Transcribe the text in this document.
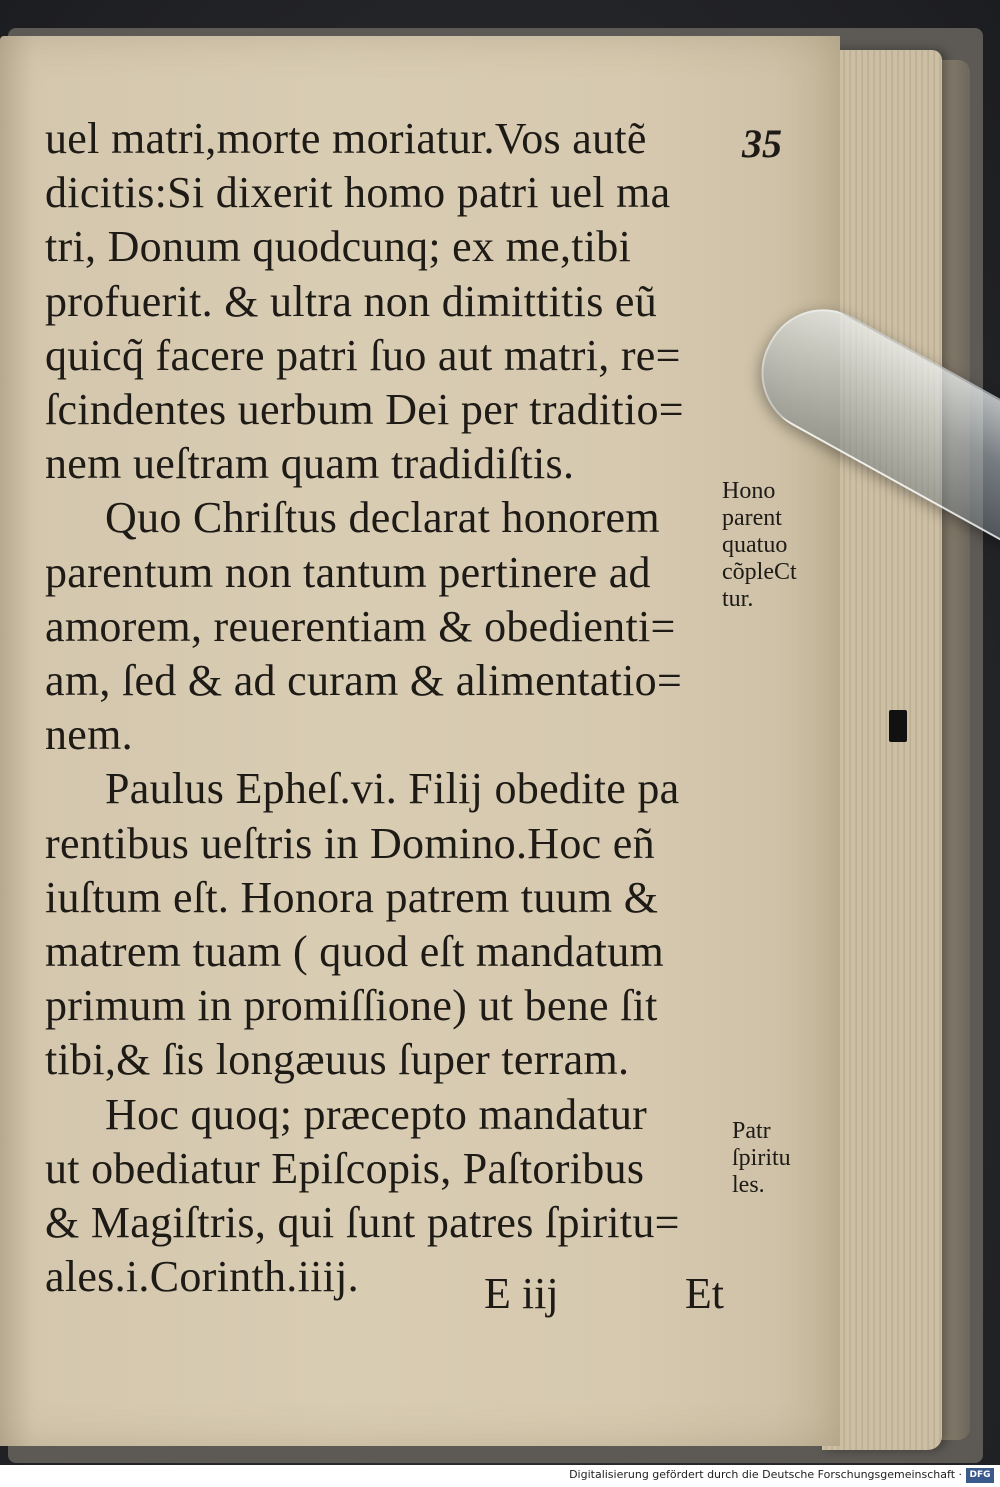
35
uel matri,morte moriatur.Vos autẽ
dicitis:Si dixerit homo patri uel ma
tri, Donum quodcunq; ex me,tibi
profuerit. & ultra non dimittitis eũ
quicq̃ facere patri ſuo aut matri, re=
ſcindentes uerbum Dei per traditio=
nem ueſtram quam tradidiſtis.
Quo Chriſtus declarat honorem
parentum non tantum pertinere ad
amorem, reuerentiam & obedienti=
am, ſed & ad curam & alimentatio=
nem.
Paulus Epheſ.vi. Filij obedite pa
rentibus ueſtris in Domino.Hoc eñ
iuſtum eſt. Honora patrem tuum &
matrem tuam ( quod eſt mandatum
primum in promiſſione) ut bene ſit
tibi,& ſis longæuus ſuper terram.
Hoc quoq; præcepto mandatur
ut obediatur Epiſcopis, Paſtoribus
& Magiſtris, qui ſunt patres ſpiritu=
ales.i.Corinth.iiij.
Hono
parent
quatuo
cõpleCt
tur.
Patr
ſpiritu
les.
E iij	Et
Digitalisierung gefördert durch die Deutsche Forschungsgemeinschaft · DFG
